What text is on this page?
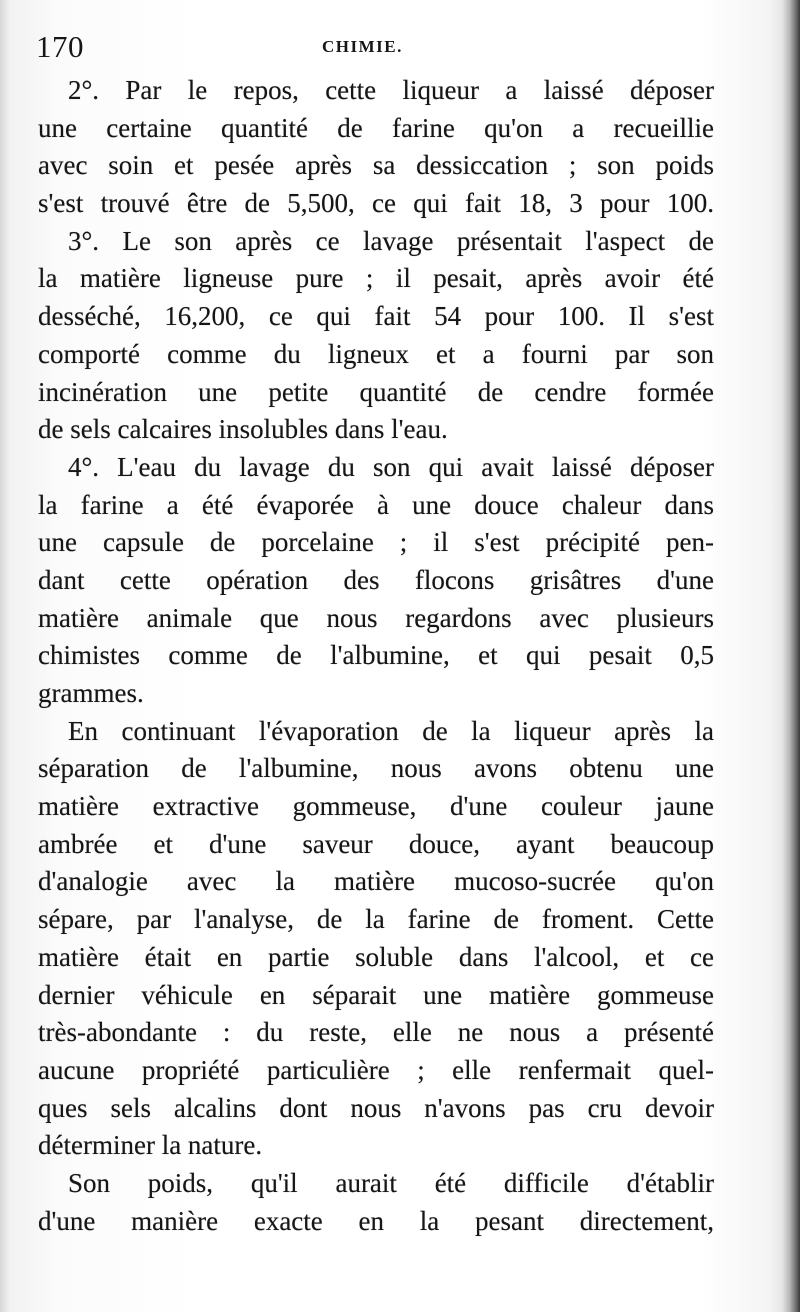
170	CHIMIE.
2°. Par le repos, cette liqueur a laissé déposer
une certaine quantité de farine qu'on a recueillie
avec soin et pesée après sa dessiccation ; son poids
s'est trouvé être de 5,500, ce qui fait 18, 3 pour 100.
3°. Le son après ce lavage présentait l'aspect de
la matière ligneuse pure ; il pesait, après avoir été
desséché, 16,200, ce qui fait 54 pour 100. Il s'est
comporté comme du ligneux et a fourni par son
incinération une petite quantité de cendre formée
de sels calcaires insolubles dans l'eau.
4°. L'eau du lavage du son qui avait laissé déposer
la farine a été évaporée à une douce chaleur dans
une capsule de porcelaine ; il s'est précipité pen-
dant cette opération des flocons grisâtres d'une
matière animale que nous regardons avec plusieurs
chimistes comme de l'albumine, et qui pesait 0,5
grammes.
En continuant l'évaporation de la liqueur après la
séparation de l'albumine, nous avons obtenu une
matière extractive gommeuse, d'une couleur jaune
ambrée et d'une saveur douce, ayant beaucoup
d'analogie avec la matière mucoso-sucrée qu'on
sépare, par l'analyse, de la farine de froment. Cette
matière était en partie soluble dans l'alcool, et ce
dernier véhicule en séparait une matière gommeuse
très-abondante : du reste, elle ne nous a présenté
aucune propriété particulière ; elle renfermait quel-
ques sels alcalins dont nous n'avons pas cru devoir
déterminer la nature.
Son poids, qu'il aurait été difficile d'établir
d'une manière exacte en la pesant directement,
